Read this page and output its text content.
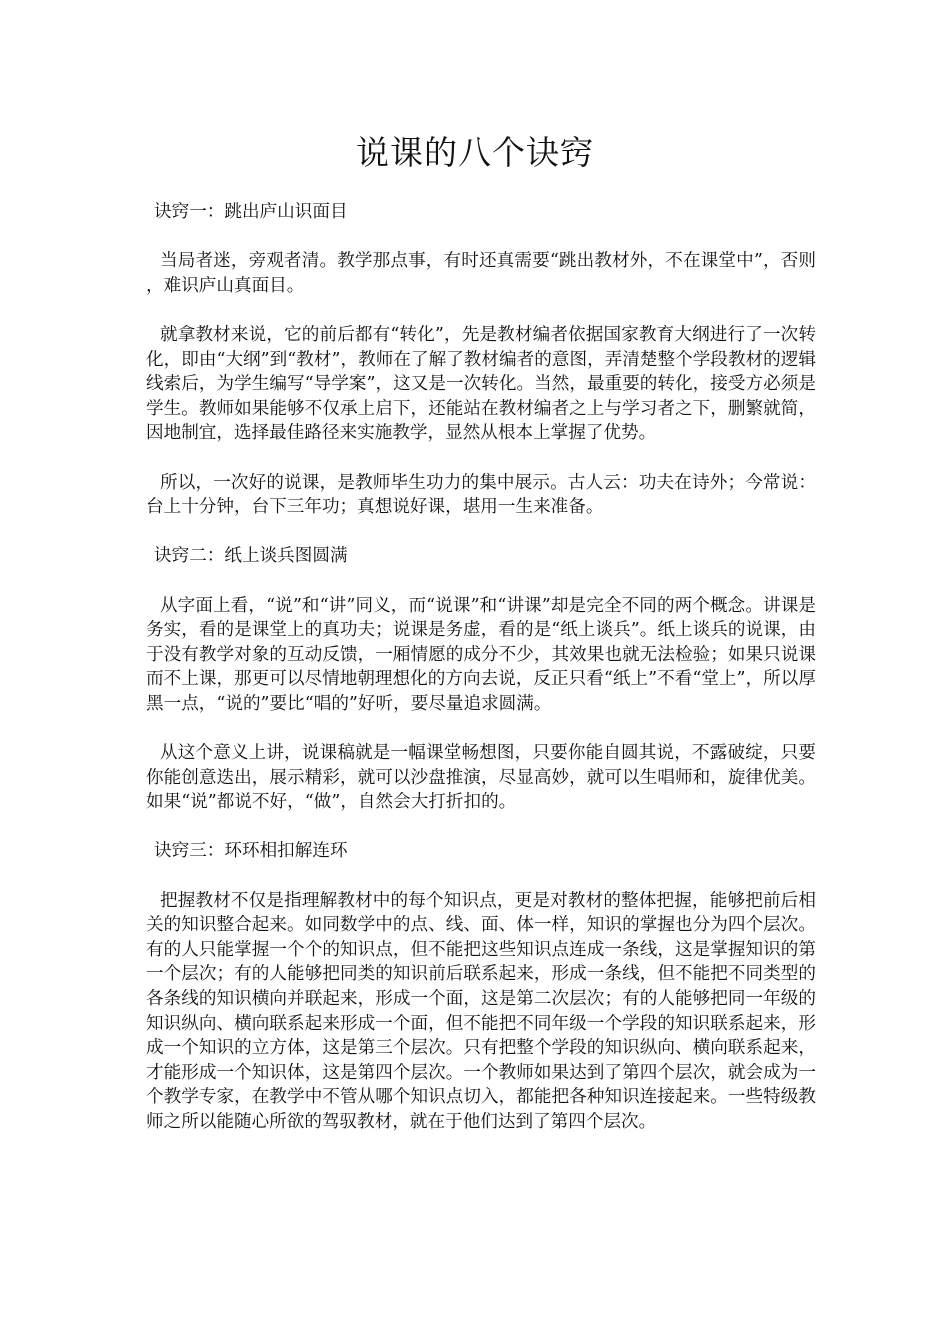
说课的八个诀窍

诀窍一：跳出庐山识面目

当局者迷，旁观者清。教学那点事，有时还真需要“跳出教材外，不在课堂中”，否则，难识庐山真面目。

就拿教材来说，它的前后都有“转化”，先是教材编者依据国家教育大纲进行了一次转化，即由“大纲”到“教材”，教师在了解了教材编者的意图，弄清楚整个学段教材的逻辑线索后，为学生编写“导学案”，这又是一次转化。当然，最重要的转化，接受方必须是学生。教师如果能够不仅承上启下，还能站在教材编者之上与学习者之下，删繁就简，因地制宜，选择最佳路径来实施教学，显然从根本上掌握了优势。

所以，一次好的说课，是教师毕生功力的集中展示。古人云：功夫在诗外；今常说：台上十分钟，台下三年功；真想说好课，堪用一生来准备。

诀窍二：纸上谈兵图圆满

从字面上看，“说”和“讲”同义，而“说课”和“讲课”却是完全不同的两个概念。讲课是务实，看的是课堂上的真功夫；说课是务虚，看的是“纸上谈兵”。纸上谈兵的说课，由于没有教学对象的互动反馈，一厢情愿的成分不少，其效果也就无法检验；如果只说课而不上课，那更可以尽情地朝理想化的方向去说，反正只看“纸上”不看“堂上”，所以厚黑一点，“说的”要比“唱的”好听，要尽量追求圆满。

从这个意义上讲，说课稿就是一幅课堂畅想图，只要你能自圆其说，不露破绽，只要你能创意迭出，展示精彩，就可以沙盘推演，尽显高妙，就可以生唱师和，旋律优美。如果“说”都说不好，“做”，自然会大打折扣的。

诀窍三：环环相扣解连环

把握教材不仅是指理解教材中的每个知识点，更是对教材的整体把握，能够把前后相关的知识整合起来。如同数学中的点、线、面、体一样，知识的掌握也分为四个层次。有的人只能掌握一个个的知识点，但不能把这些知识点连成一条线，这是掌握知识的第一个层次；有的人能够把同类的知识前后联系起来，形成一条线，但不能把不同类型的各条线的知识横向并联起来，形成一个面，这是第二次层次；有的人能够把同一年级的知识纵向、横向联系起来形成一个面，但不能把不同年级一个学段的知识联系起来，形成一个知识的立方体，这是第三个层次。只有把整个学段的知识纵向、横向联系起来，才能形成一个知识体，这是第四个层次。一个教师如果达到了第四个层次，就会成为一个教学专家，在教学中不管从哪个知识点切入，都能把各种知识连接起来。一些特级教师之所以能随心所欲的驾驭教材，就在于他们达到了第四个层次。
